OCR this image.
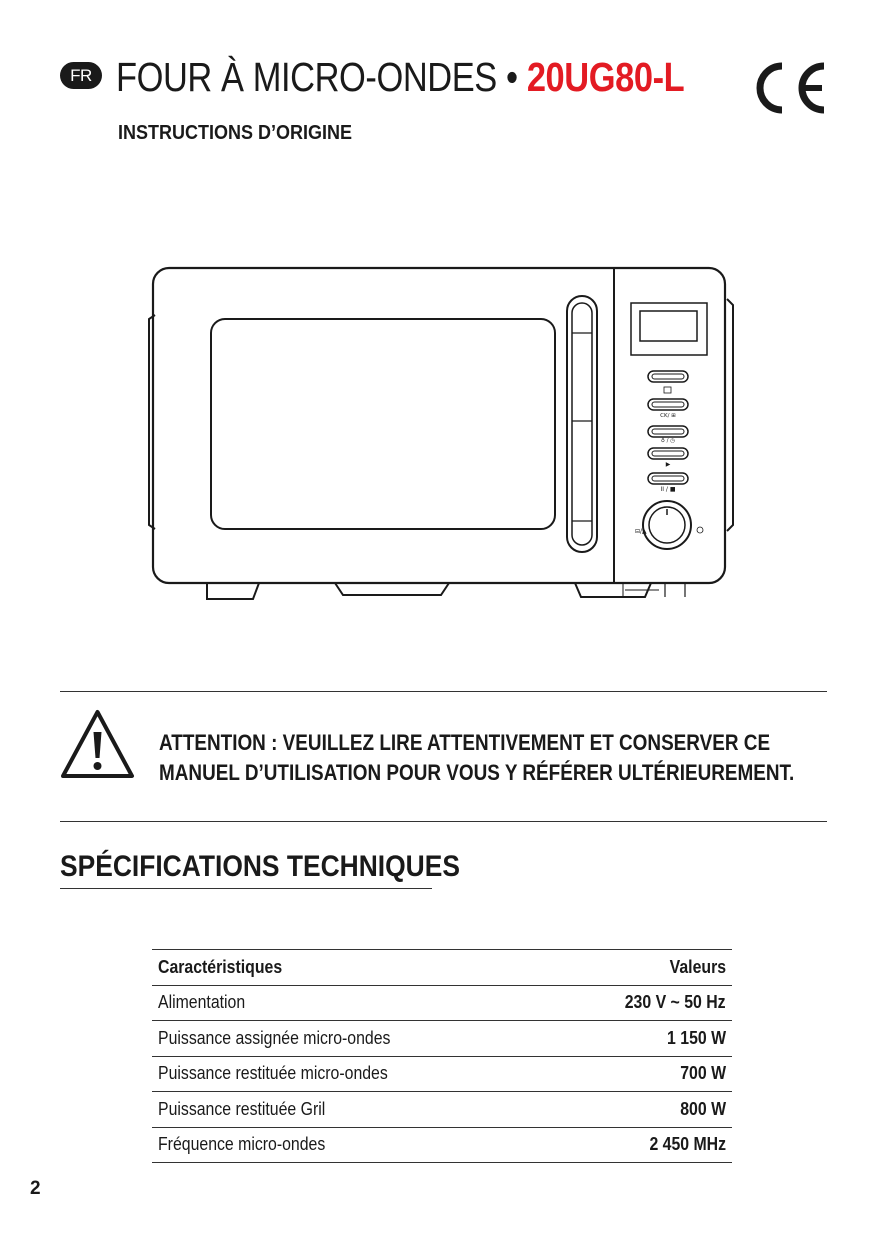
FR FOUR À MICRO-ONDES • 20UG80-L
INSTRUCTIONS D’ORIGINE
CK/ ⊞
♁ / ◷
▶
II / ■
⊟/▲
ATTENTION : VEUILLEZ LIRE ATTENTIVEMENT ET CONSERVER CE
MANUEL D’UTILISATION POUR VOUS Y RÉFÉRER ULTÉRIEUREMENT.
SPÉCIFICATIONS TECHNIQUES
Caractéristiques	Valeurs
Alimentation	230 V ~ 50 Hz
Puissance assignée micro-ondes	1 150 W
Puissance restituée micro-ondes	700 W
Puissance restituée Gril	800 W
Fréquence micro-ondes	2 450 MHz
2
